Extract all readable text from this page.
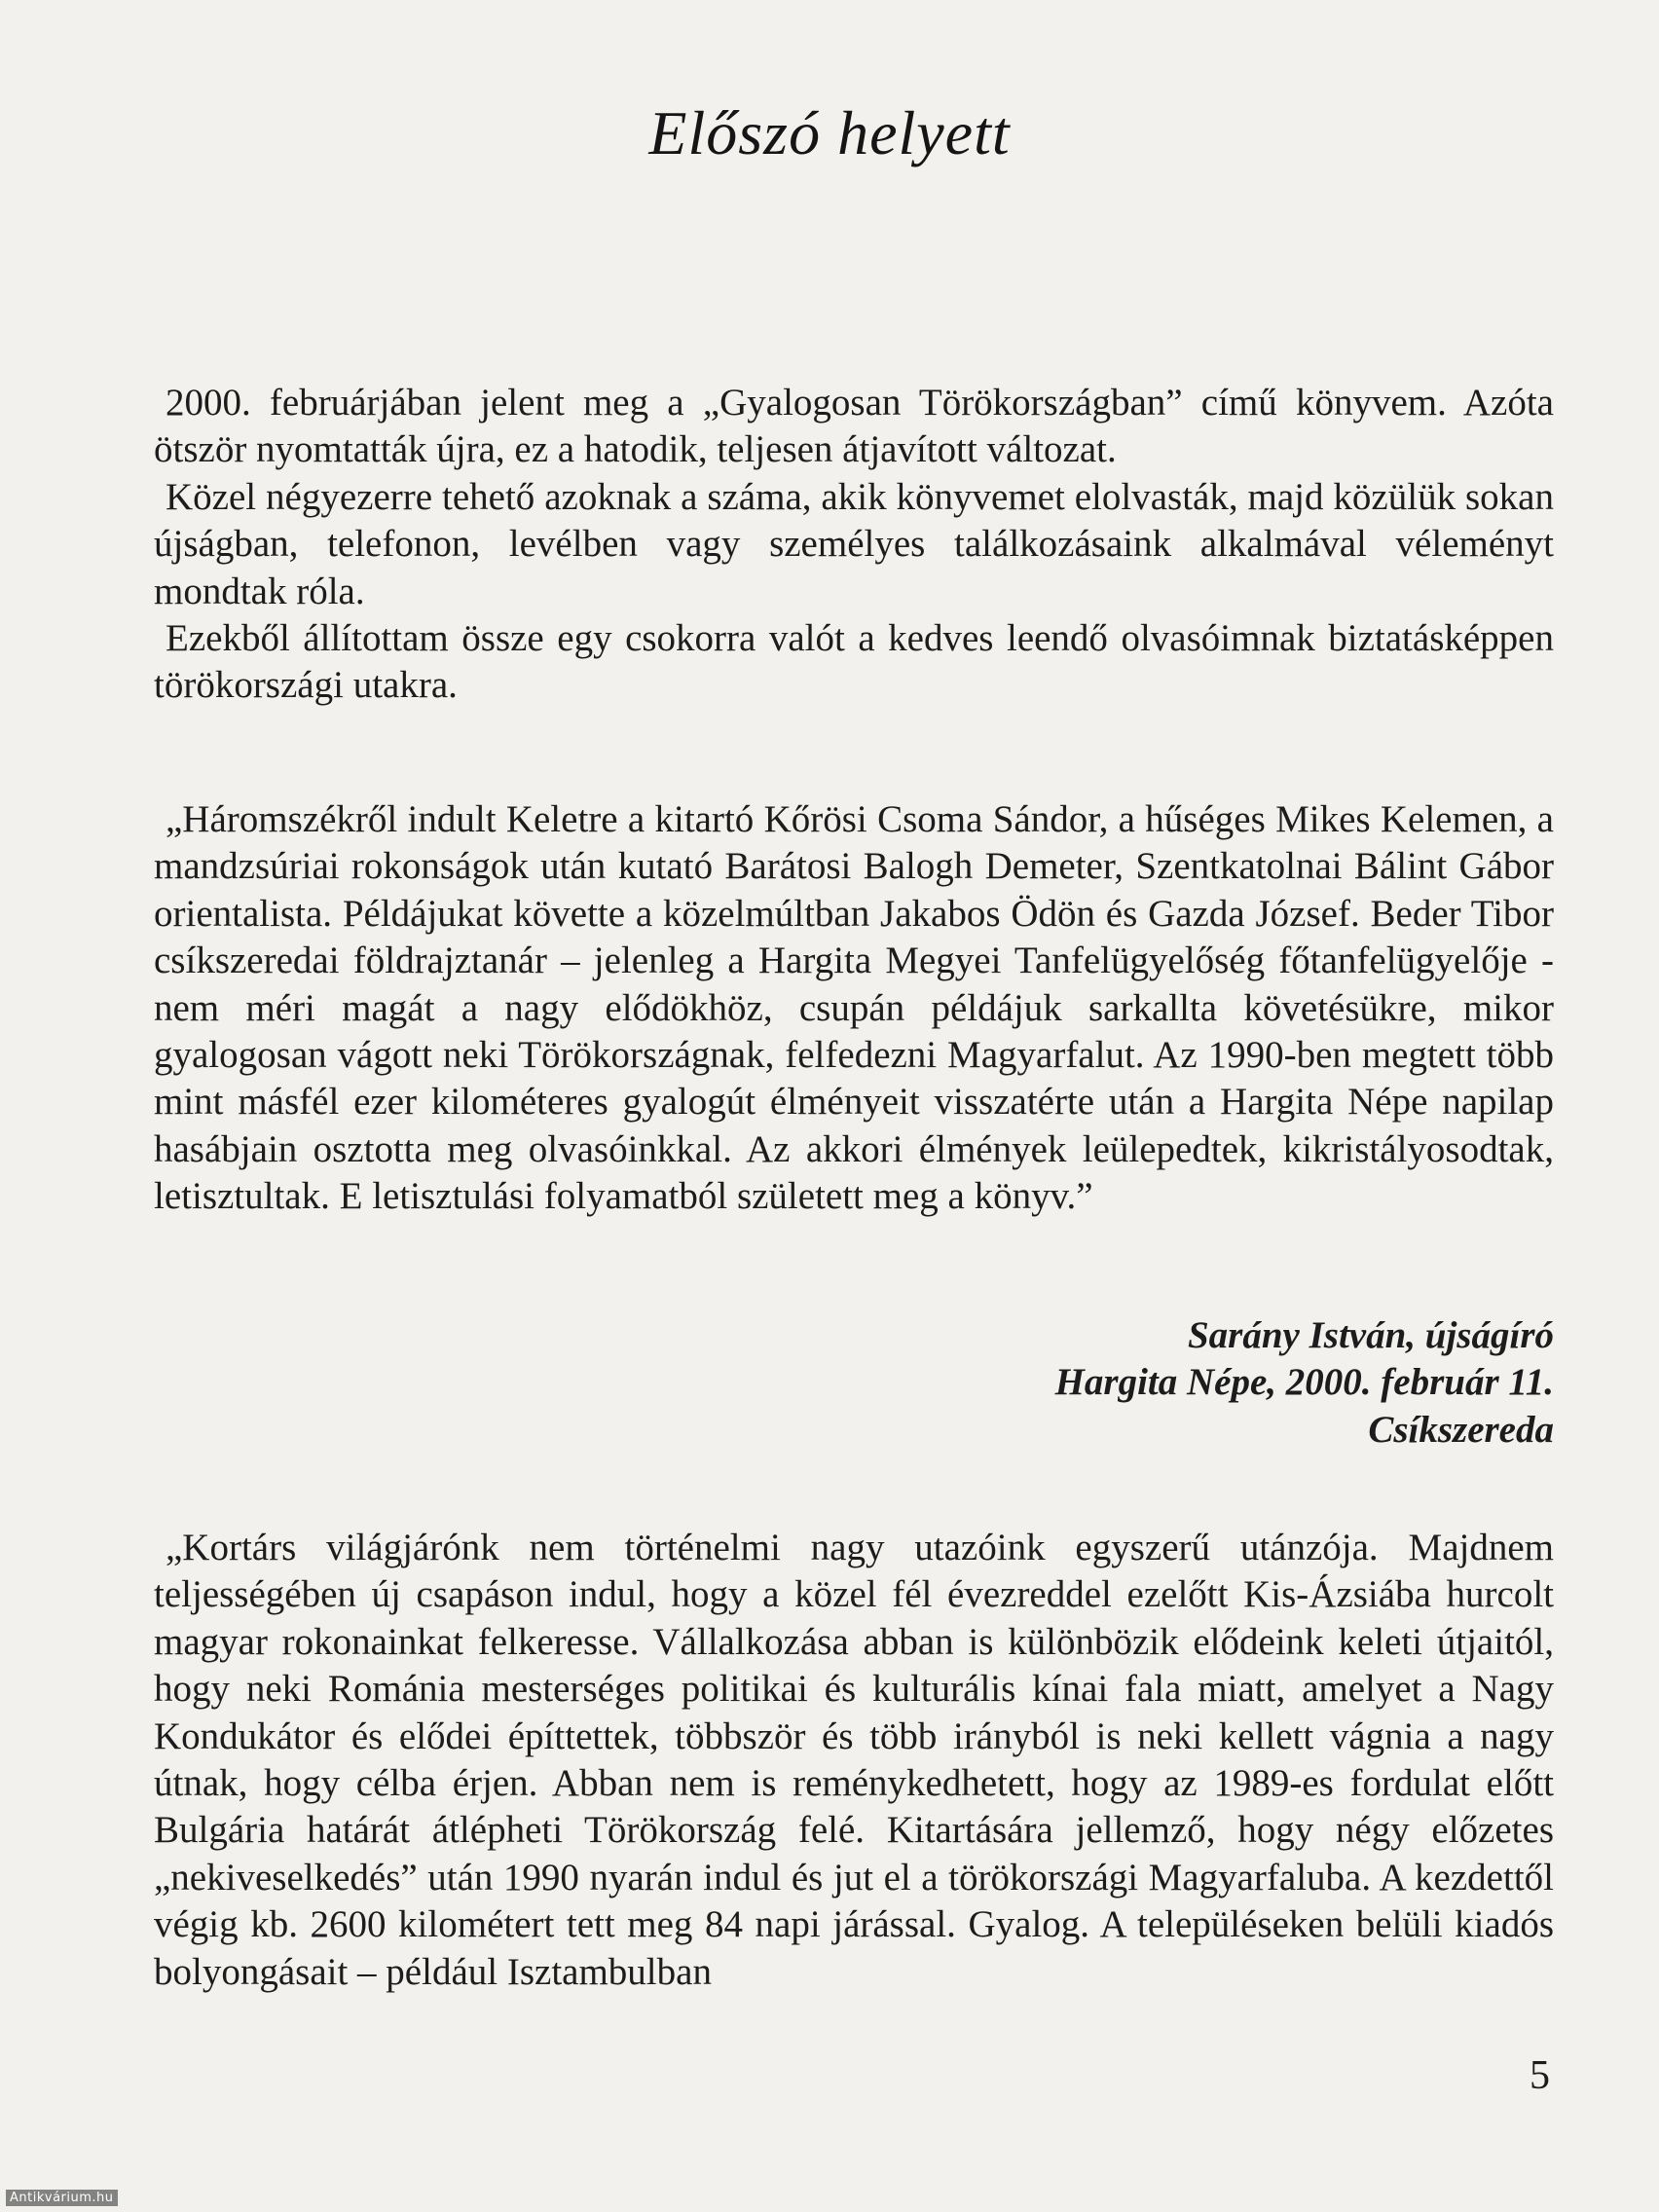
Előszó helyett

2000. februárjában jelent meg a „Gyalogosan Törökországban” című könyvem. Azóta ötször nyomtatták újra, ez a hatodik, teljesen átjavított változat.

Közel négyezerre tehető azoknak a száma, akik könyvemet elolvasták, majd közülük sokan újságban, telefonon, levélben vagy személyes találkozásaink alkalmával véleményt mondtak róla.

Ezekből állítottam össze egy csokorra valót a kedves leendő olvasóimnak biztatásképpen törökországi utakra.

„Háromszékről indult Keletre a kitartó Kőrösi Csoma Sándor, a hűséges Mikes Kelemen, a mandzsúriai rokonságok után kutató Barátosi Balogh Demeter, Szentkatolnai Bálint Gábor orientalista. Példájukat követte a közelmúltban Jakabos Ödön és Gazda József. Beder Tibor csíkszeredai földrajztanár – jelenleg a Hargita Megyei Tanfelügyelőség főtanfelügyelője - nem méri magát a nagy elődökhöz, csupán példájuk sarkallta követésükre, mikor gyalogosan vágott neki Törökországnak, felfedezni Magyarfalut. Az 1990-ben megtett több mint másfél ezer kilométeres gyalogút élményeit visszatérte után a Hargita Népe napilap hasábjain osztotta meg olvasóinkkal. Az akkori élmények leülepedtek, kikristályosodtak, letisztultak. E letisztulási folyamatból született meg a könyv.”

Sarány István, újságíró
Hargita Népe, 2000. február 11.
Csíkszereda

„Kortárs világjárónk nem történelmi nagy utazóink egyszerű utánzója. Majdnem teljességében új csapáson indul, hogy a közel fél évezreddel ezelőtt Kis-Ázsiába hurcolt magyar rokonainkat felkeresse. Vállalkozása abban is különbözik elődeink keleti útjaitól, hogy neki Románia mesterséges politikai és kulturális kínai fala miatt, amelyet a Nagy Kondukátor és elődei építtettek, többször és több irányból is neki kellett vágnia a nagy útnak, hogy célba érjen. Abban nem is reménykedhetett, hogy az 1989-es fordulat előtt Bulgária határát átlépheti Törökország felé. Kitartására jellemző, hogy négy előzetes „nekiveselkedés” után 1990 nyarán indul és jut el a törökországi Magyarfaluba. A kezdettől végig kb. 2600 kilométert tett meg 84 napi járással. Gyalog. A településeken belüli kiadós bolyongásait – például Isztambulban

5
Antikvárium.hu
